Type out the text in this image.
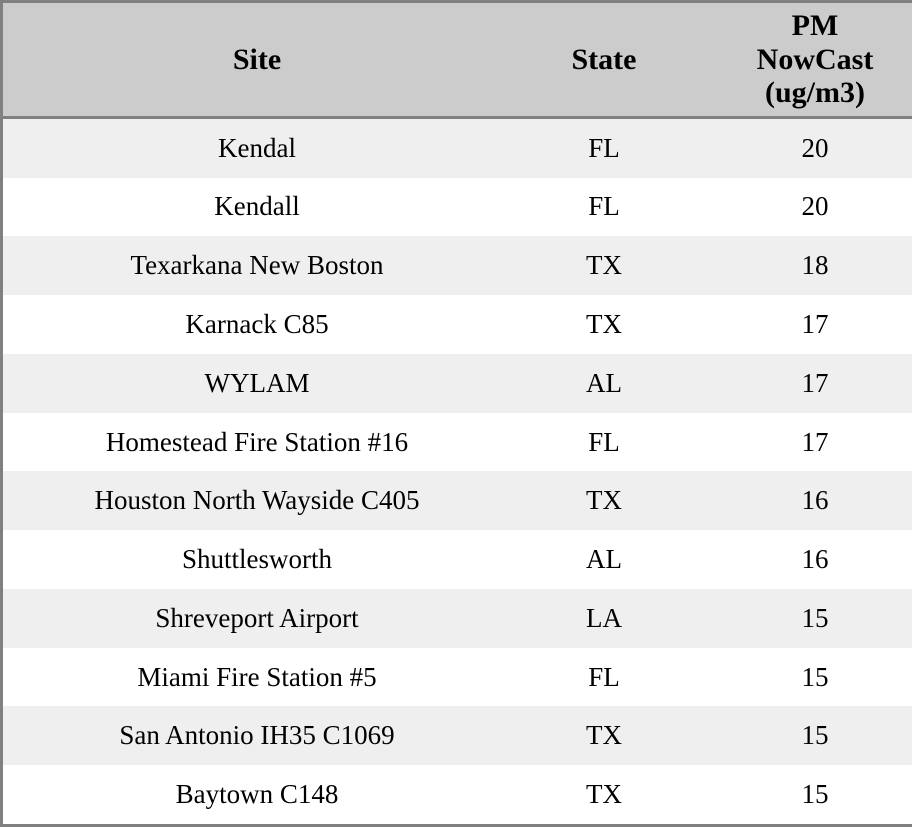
Site	State	PM
NowCast
(ug/m3)

Kendal	FL	20
Kendall	FL	20
Texarkana New Boston	TX	18
Karnack C85	TX	17
WYLAM	AL	17
Homestead Fire Station #16	FL	17
Houston North Wayside C405	TX	16
Shuttlesworth	AL	16
Shreveport Airport	LA	15
Miami Fire Station #5	FL	15
San Antonio IH35 C1069	TX	15
Baytown C148	TX	15
